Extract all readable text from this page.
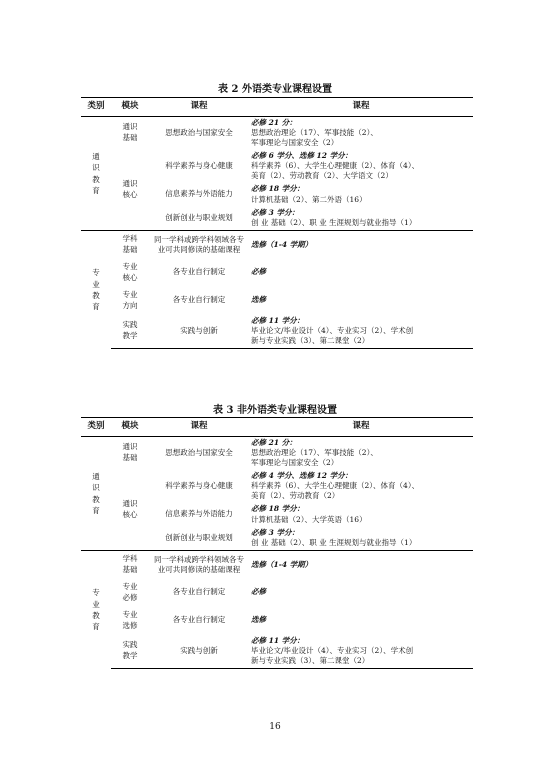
表 2 外语类专业课程设置
类别	模块	课程	课程
通识教育	通识基础	思想政治与国家安全	必修 21 分：
思想政治理论（17）、军事技能（2）、
军事理论与国家安全（2）

	通识核心	科学素养与身心健康	必修 6 学分、选修 12 学分：
科学素养（6）、大学生心理健康（2）、体育（4）、
美育（2）、劳动教育（2）、大学语文（2）

		信息素养与外语能力	必修 18 学分：
计算机基础（2）、第二外语（16）

		创新创业与职业规划	必修 3 学分：
创 业 基础（2）、职 业 生涯规划与就业指导（1）

专业教育	学科基础	同一学科或跨学科领域各专业可共同修读的基础课程	选修（1-4 学期）
	专业核心	各专业自行制定	必修
	专业方向	各专业自行制定	选修
	实践教学	实践与创新	必修 11 学分：
毕业论文/毕业设计（4）、专业实习（2）、学术创
新与专业实践（3）、第二课堂（2）
表 3 非外语类专业课程设置
类别	模块	课程	课程
通识教育	通识基础	思想政治与国家安全	必修 21 分：
思想政治理论（17）、军事技能（2）、
军事理论与国家安全（2）

	通识核心	科学素养与身心健康	必修 4 学分、选修 12 学分：
科学素养（6）、大学生心理健康（2）、体育（4）、
美育（2）、劳动教育（2）

		信息素养与外语能力	必修 18 学分：
计算机基础（2）、大学英语（16）

		创新创业与职业规划	必修 3 学分：
创 业 基础（2）、职 业 生涯规划与就业指导（1）

专业教育	学科基础	同一学科或跨学科领域各专业可共同修读的基础课程	选修（1-4 学期）
	专业必修	各专业自行制定	必修
	专业选修	各专业自行制定	选修
	实践教学	实践与创新	必修 11 学分：
毕业论文/毕业设计（4）、专业实习（2）、学术创
新与专业实践（3）、第二课堂（2）
16
